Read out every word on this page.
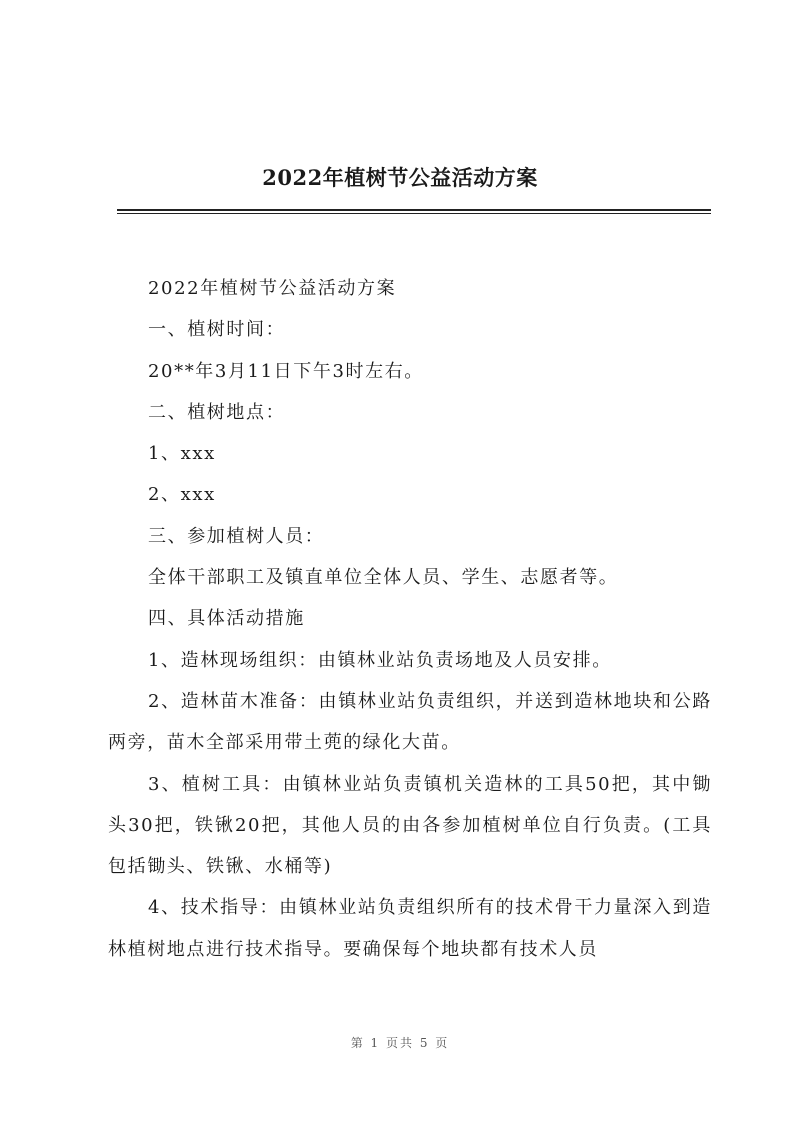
2022年植树节公益活动方案

2022年植树节公益活动方案

一、植树时间：

20**年3月11日下午3时左右。

二、植树地点：

1、xxx

2、xxx

三、参加植树人员：

全体干部职工及镇直单位全体人员、学生、志愿者等。

四、具体活动措施

1、造林现场组织：由镇林业站负责场地及人员安排。

2、造林苗木准备：由镇林业站负责组织，并送到造林地块和公路两旁，苗木全部采用带土蔸的绿化大苗。

3、植树工具：由镇林业站负责镇机关造林的工具50把，其中锄头30把，铁锹20把，其他人员的由各参加植树单位自行负责。(工具包括锄头、铁锹、水桶等)

4、技术指导：由镇林业站负责组织所有的技术骨干力量深入到造林植树地点进行技术指导。要确保每个地块都有技术人员

第 1 页共 5 页
